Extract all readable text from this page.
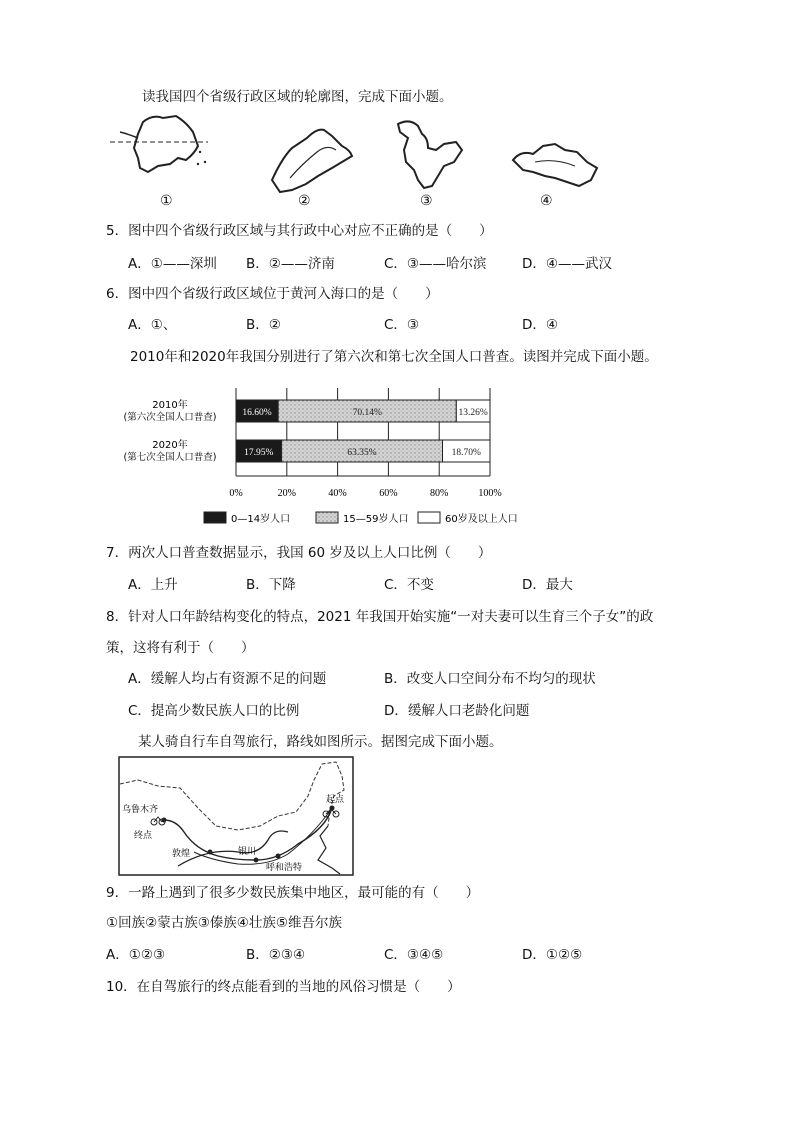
读我国四个省级行政区域的轮廓图，完成下面小题。
①	②	③	④
5．图中四个省级行政区域与其行政中心对应不正确的是（　　）
A．①——深圳 B．②——济南	C．③——哈尔滨	D．④——武汉
6．图中四个省级行政区域位于黄河入海口的是（　　）
A．①、	B．②	C．③	D．④
2010年和2020年我国分别进行了第六次和第七次全国人口普查。读图并完成下面小题。
0%	20%	40%	60%	80%	100%
2010年
(第六次全国人口普查)
2020年
(第七次全国人口普查)
16.60%	70.14%	13.26%
17.95%	63.35%	18.70%
0—14岁人口	15—59岁人口	60岁及以上人口
7．两次人口普查数据显示，我国 60 岁及以上人口比例（　　）
A．上升	B．下降	C．不变	D．最大
8．针对人口年龄结构变化的特点，2021 年我国开始实施“一对夫妻可以生育三个子女”的政
策，这将有利于（　　）
A．缓解人均占有资源不足的问题	B．改变人口空间分布不均匀的现状
C．提高少数民族人口的比例	D．缓解人口老龄化问题
某人骑自行车自驾旅行，路线如图所示。据图完成下面小题。
起点
终点
乌鲁木齐
敦煌	银川
呼和浩特
9．一路上遇到了很多少数民族集中地区，最可能的有（　　）
①回族②蒙古族③傣族④壮族⑤维吾尔族
A．①②③	B．②③④	C．③④⑤	D．①②⑤
10．在自驾旅行的终点能看到的当地的风俗习惯是（　　）
